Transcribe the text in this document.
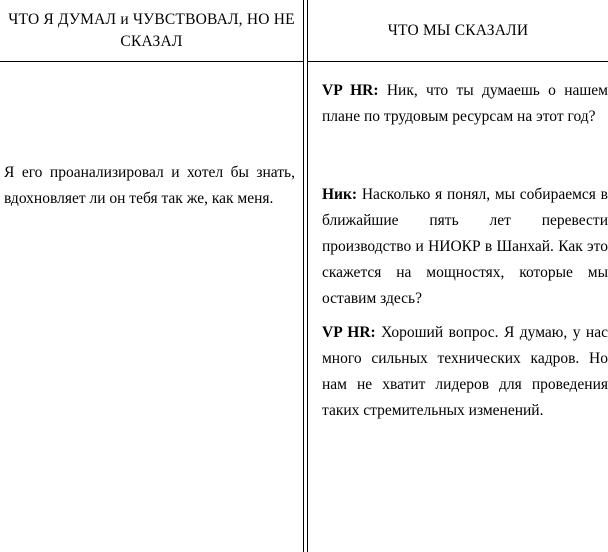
ЧТО Я ДУМАЛ и ЧУВСТВОВАЛ, НО НЕ СКАЗАЛ
Я его проанализировал и хотел бы знать, вдохновляет ли он тебя так же, как меня.
ЧТО МЫ СКАЗАЛИ

VP HR: Ник, что ты думаешь о нашем плане по трудовым ресурсам на этот год?

Ник: Насколько я понял, мы собираемся в ближайшие пять лет перевести производство и НИОКР в Шанхай. Как это скажется на мощностях, которые мы оставим здесь?

VP HR: Хороший вопрос. Я думаю, у нас много сильных технических кадров. Но нам не хватит лидеров для проведения таких стремительных изменений.
